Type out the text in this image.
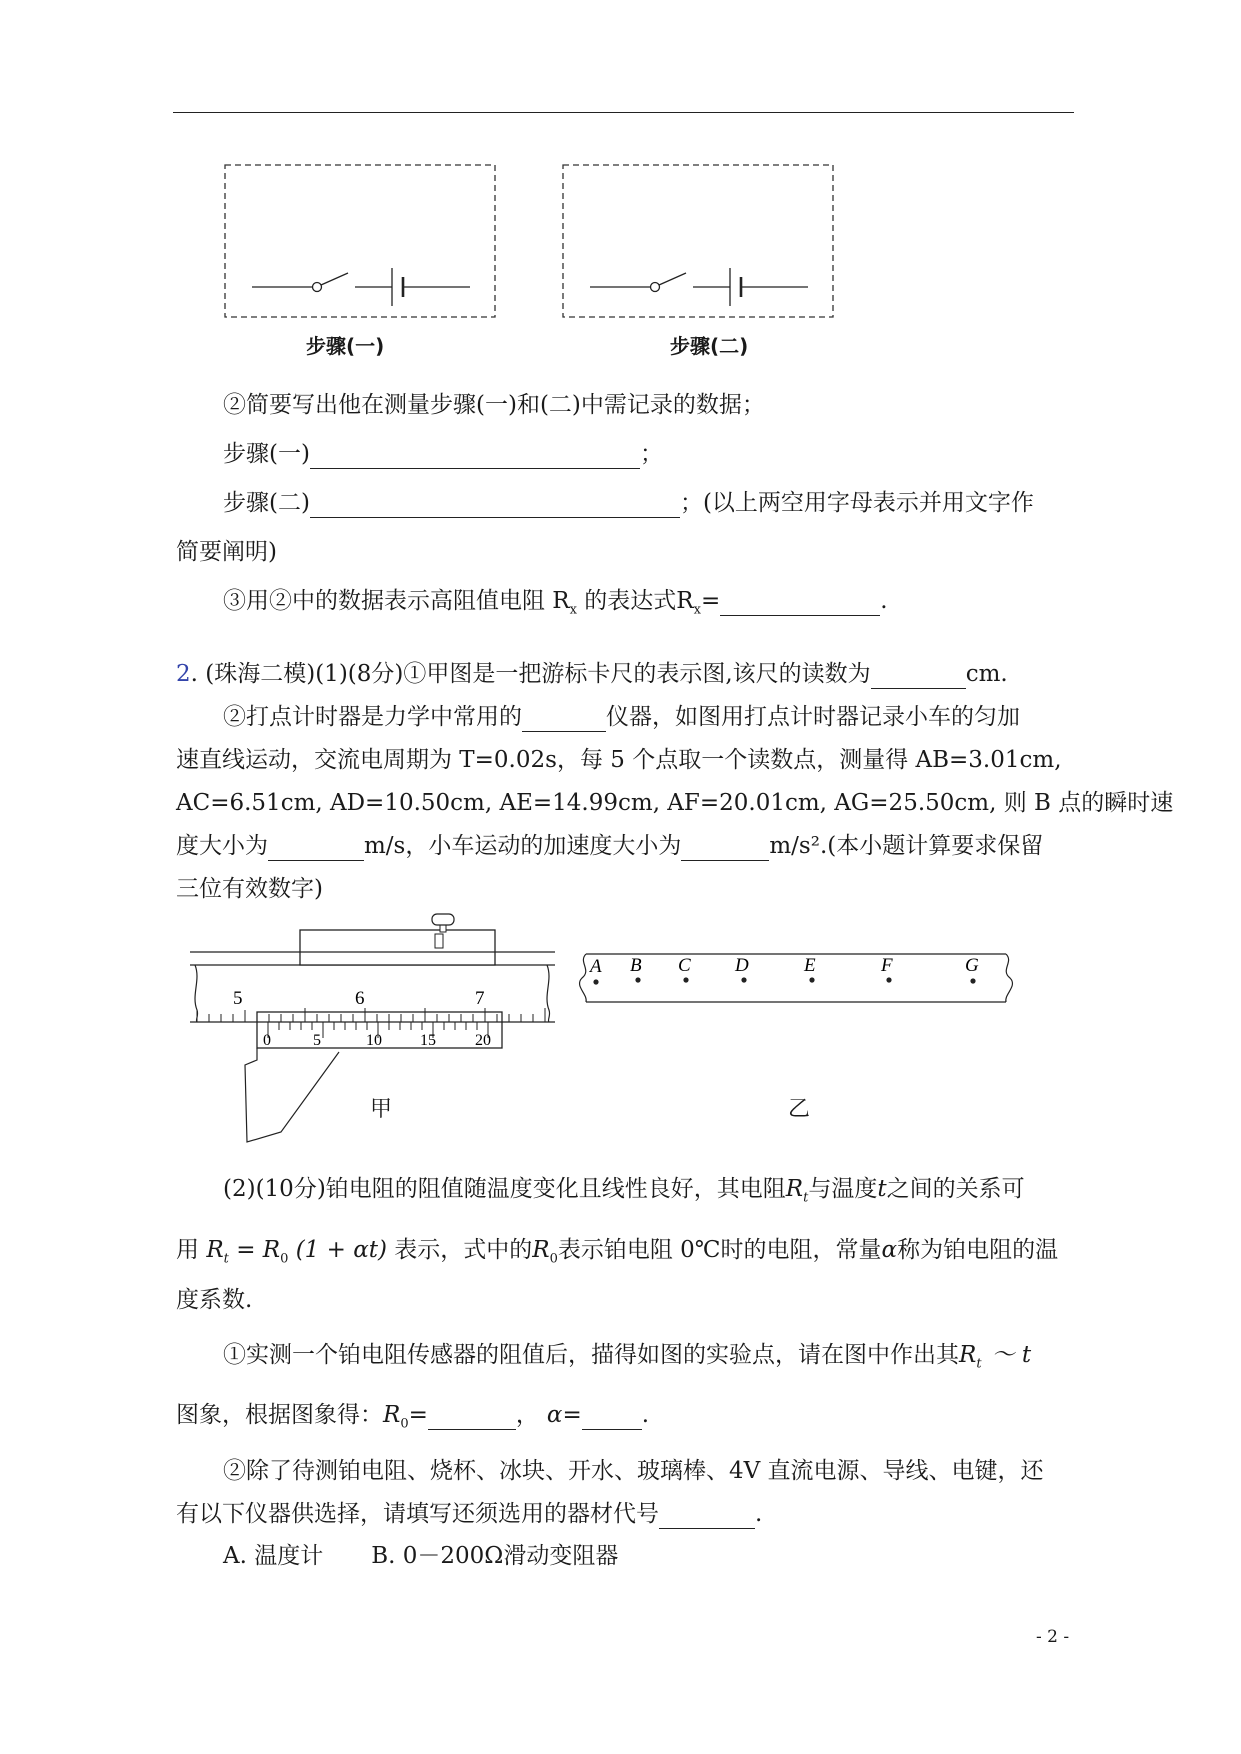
步骤(一)	步骤(二)
②简要写出他在测量步骤(一)和(二)中需记录的数据；
步骤(一)	；
步骤(二)	；(以上两空用字母表示并用文字作
简要阐明)
③用②中的数据表示高阻值电阻 $R_x$ 的表达式$R_x=$	.
2. (珠海二模)(1)(8分)①甲图是一把游标卡尺的表示图,该尺的读数为	cm.
②打点计时器是力学中常用的	仪器，如图用打点计时器记录小车的匀加
速直线运动，交流电周期为 T=0.02s，每 5 个点取一个读数点，测量得 AB=3.01cm,
AC=6.51cm, AD=10.50cm, AE=14.99cm, AF=20.01cm, AG=25.50cm, 则 B 点的瞬时速
度大小为	m/s，小车运动的加速度大小为	m/s².(本小题计算要求保留
三位有效数字)
5	6	7
0	5	10 15 20
甲
A B C D	E	F	G
乙
(2)(10分)铂电阻的阻值随温度变化且线性良好，其电阻$R_t$与温度t之间的关系可
用 $R_t = R_0$ (1 + αt) 表示，式中的$R_0$表示铂电阻 0℃时的电阻，常量α称为铂电阻的温
度系数.
①实测一个铂电阻传感器的阻值后，描得如图的实验点，请在图中作出其$R_t$ ～ t
图象，根据图象得：$R_0=$	， α=	.
②除了待测铂电阻、烧杯、冰块、开水、玻璃棒、4V 直流电源、导线、电键，还
有以下仪器供选择，请填写还须选用的器材代号	.
A. 温度计 B. 0－200Ω滑动变阻器
- 2 -
